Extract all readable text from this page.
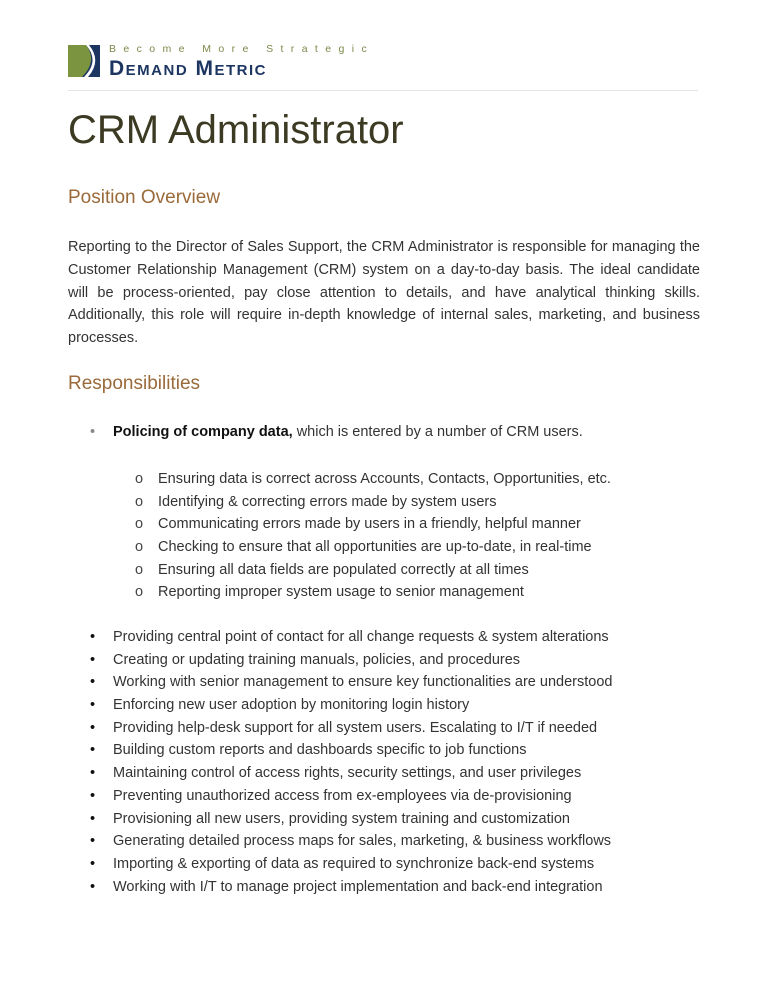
Become More Strategic
Demand Metric
CRM Administrator
Position Overview

Reporting to the Director of Sales Support, the CRM Administrator is responsible for managing the Customer Relationship Management (CRM) system on a day-to-day basis. The ideal candidate will be process-oriented, pay close attention to details, and have analytical thinking skills. Additionally, this role will require in-depth knowledge of internal sales, marketing, and business processes.

Responsibilities
• Policing of company data, which is entered by a number of CRM users.
o Ensuring data is correct across Accounts, Contacts, Opportunities, etc.
o Identifying & correcting errors made by system users
o Communicating errors made by users in a friendly, helpful manner
o Checking to ensure that all opportunities are up-to-date, in real-time
o Ensuring all data fields are populated correctly at all times
o Reporting improper system usage to senior management
• Providing central point of contact for all change requests & system alterations
• Creating or updating training manuals, policies, and procedures
• Working with senior management to ensure key functionalities are understood
• Enforcing new user adoption by monitoring login history
• Providing help-desk support for all system users. Escalating to I/T if needed
• Building custom reports and dashboards specific to job functions
• Maintaining control of access rights, security settings, and user privileges
• Preventing unauthorized access from ex-employees via de-provisioning
• Provisioning all new users, providing system training and customization
• Generating detailed process maps for sales, marketing, & business workflows
• Importing & exporting of data as required to synchronize back-end systems
• Working with I/T to manage project implementation and back-end integration
